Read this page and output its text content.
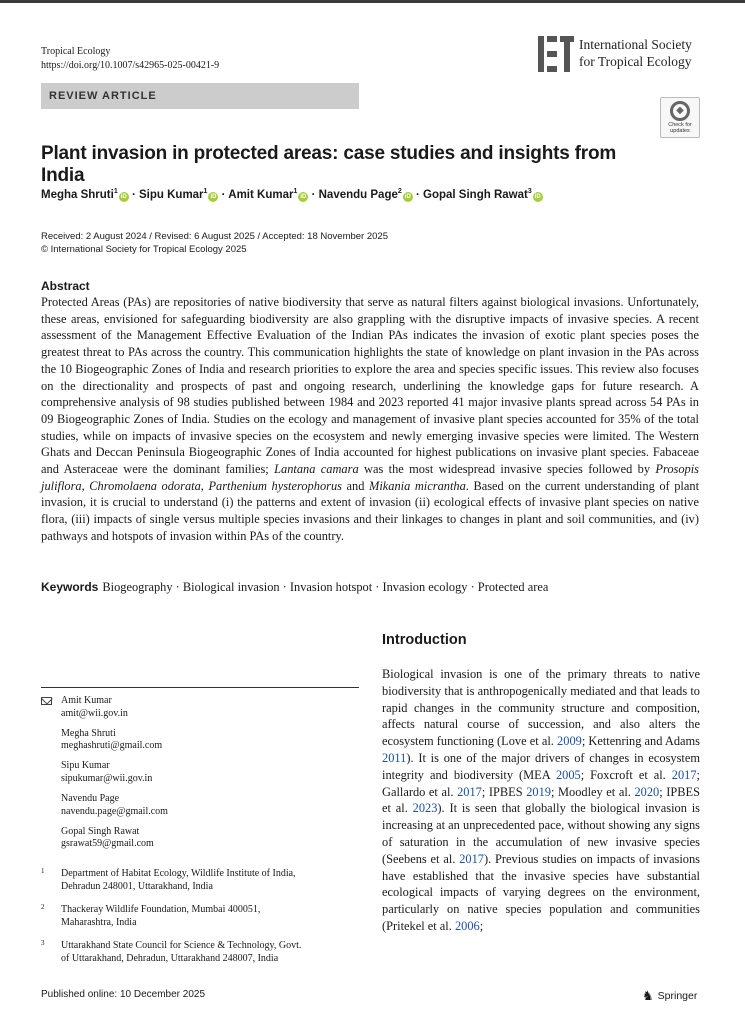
Tropical Ecology
https://doi.org/10.1007/s42965-025-00421-9
International Society
for Tropical Ecology
REVIEW ARTICLE
◆
Check for
updates
Plant invasion in protected areas: case studies and insights from India
Megha Shruti$^1$iD · Sipu Kumar$^1$iD · Amit Kumar$^1$iD · Navendu Page$^2$iD · Gopal Singh Rawat$^3$iD
Received: 2 August 2024 / Revised: 6 August 2025 / Accepted: 18 November 2025
© International Society for Tropical Ecology 2025
Abstract
Protected Areas (PAs) are repositories of native biodiversity that serve as natural filters against biological invasions. Unfortunately, these areas, envisioned for safeguarding biodiversity are also grappling with the disruptive impacts of invasive species. A recent assessment of the Management Effective Evaluation of the Indian PAs indicates the invasion of exotic plant species poses the greatest threat to PAs across the country. This communication highlights the state of knowledge on plant invasion in the PAs across the 10 Biogeographic Zones of India and research priorities to explore the area and species specific issues. This review also focuses on the directionality and prospects of past and ongoing research, underlining the knowledge gaps for future research. A comprehensive analysis of 98 studies published between 1984 and 2023 reported 41 major invasive plants spread across 54 PAs in 09 Biogeographic Zones of India. Studies on the ecology and management of invasive plant species accounted for 35% of the total studies, while on impacts of invasive species on the ecosystem and newly emerging invasive species were limited. The Western Ghats and Deccan Peninsula Biogeographic Zones of India accounted for highest publications on invasive plant species. Fabaceae and Asteraceae were the dominant families; Lantana camara was the most widespread invasive species followed by Prosopis juliflora, Chromolaena odorata, Parthenium hysterophorus and Mikania micrantha. Based on the current understanding of plant invasion, it is crucial to understand (i) the patterns and extent of invasion (ii) ecological effects of invasive plant species on native flora, (iii) impacts of single versus multiple species invasions and their linkages to changes in plant and soil communities, and (iv) pathways and hotspots of invasion within PAs of the country.
Keywords Biogeography · Biological invasion · Invasion hotspot · Invasion ecology · Protected area
Introduction
Biological invasion is one of the primary threats to native biodiversity that is anthropogenically mediated and that leads to rapid changes in the community structure and composition, affects natural course of succession, and also alters the ecosystem functioning (Love et al. 2009; Kettenring and Adams 2011). It is one of the major drivers of changes in ecosystem integrity and biodiversity (MEA 2005; Foxcroft et al. 2017; Gallardo et al. 2017; IPBES 2019; Moodley et al. 2020; IPBES et al. 2023). It is seen that globally the biological invasion is increasing at an unprecedented pace, without showing any signs of saturation in the accumulation of new invasive species (Seebens et al. 2017). Previous studies on impacts of invasions have established that the invasive species have substantial ecological impacts of varying degrees on the environment, particularly on native species population and communities (Pritekel et al. 2006;
Amit Kumar
amit@wii.gov.in
Megha Shruti
meghashruti@gmail.com
Sipu Kumar
sipukumar@wii.gov.in
Navendu Page
navendu.page@gmail.com
Gopal Singh Rawat
gsrawat59@gmail.com
1 Department of Habitat Ecology, Wildlife Institute of India,
Dehradun 248001, Uttarakhand, India
2 Thackeray Wildlife Foundation, Mumbai 400051,
Maharashtra, India
3 Uttarakhand State Council for Science & Technology, Govt.
of Uttarakhand, Dehradun, Uttarakhand 248007, India
Published online: 10 December 2025	♞ Springer
